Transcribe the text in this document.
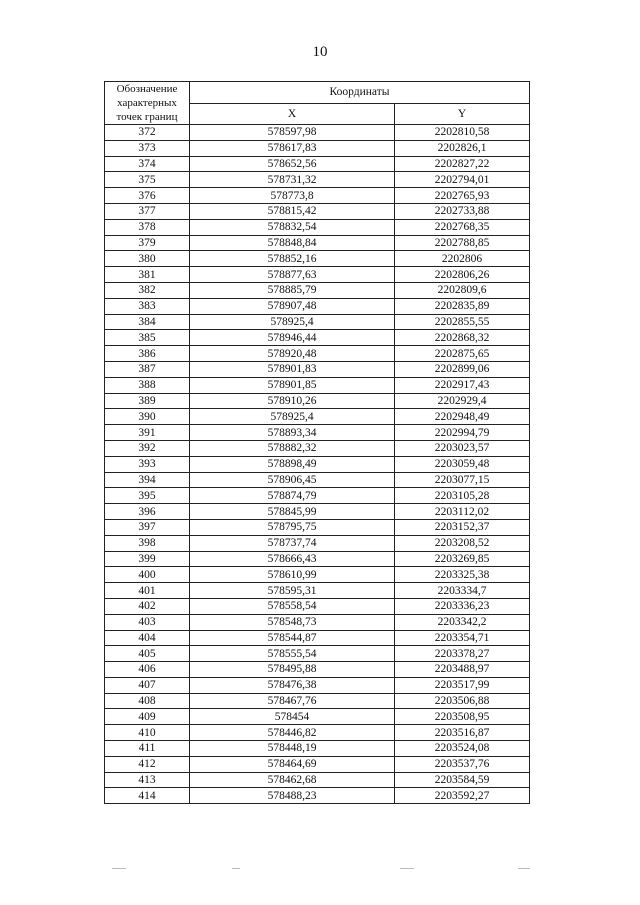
10
Обозначение характерных точек границ	Координаты	
	X	Y
372	578597,98	2202810,58
373	578617,83	2202826,1
374	578652,56	2202827,22
375	578731,32	2202794,01
376	578773,8	2202765,93
377	578815,42	2202733,88
378	578832,54	2202768,35
379	578848,84	2202788,85
380	578852,16	2202806
381	578877,63	2202806,26
382	578885,79	2202809,6
383	578907,48	2202835,89
384	578925,4	2202855,55
385	578946,44	2202868,32
386	578920,48	2202875,65
387	578901,83	2202899,06
388	578901,85	2202917,43
389	578910,26	2202929,4
390	578925,4	2202948,49
391	578893,34	2202994,79
392	578882,32	2203023,57
393	578898,49	2203059,48
394	578906,45	2203077,15
395	578874,79	2203105,28
396	578845,99	2203112,02
397	578795,75	2203152,37
398	578737,74	2203208,52
399	578666,43	2203269,85
400	578610,99	2203325,38
401	578595,31	2203334,7
402	578558,54	2203336,23
403	578548,73	2203342,2
404	578544,87	2203354,71
405	578555,54	2203378,27
406	578495,88	2203488,97
407	578476,38	2203517,99
408	578467,76	2203506,88
409	578454	2203508,95
410	578446,82	2203516,87
411	578448,19	2203524,08
412	578464,69	2203537,76
413	578462,68	2203584,59
414	578488,23	2203592,27
